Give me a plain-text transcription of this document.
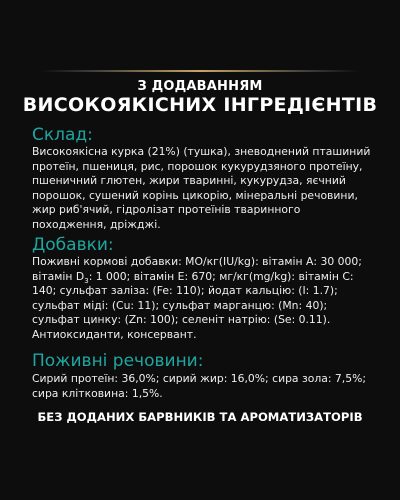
З ДОДАВАННЯМ
ВИСОКОЯКІСНИХ ІНГРЕДІЄНТІВ
Склад:
Високоякісна курка (21%) (тушка), зневоднений пташиний протеїн, пшениця, рис, порошок кукурудзяного протеїну, пшеничний глютен, жири тваринні, кукурудза, яєчний порошок, сушений корінь цикорію, мінеральні речовини, жир риб'ячий, гідролізат протеїнів тваринного походження, дріжджі.
Добавки:
Поживні кормові добавки: МО/кг(IU/kg): вітамін А: 30 000; вітамін $D_3$: 1 000; вітамін Е: 670; мг/кг(mg/kg): вітамін С: 140; сульфат заліза: (Fe: 110); йодат кальцію: (I: 1.7); сульфат міді: (Cu: 11); сульфат марганцю: (Mn: 40); сульфат цинку: (Zn: 100); селеніт натрію: (Se: 0.11). Антиоксиданти, консервант.
Поживні речовини:
Сирий протеїн: 36,0%; сирий жир: 16,0%; сира зола: 7,5%; сира клітковина: 1,5%.
БЕЗ ДОДАНИХ БАРВНИКІВ ТА АРОМАТИЗАТОРІВ
